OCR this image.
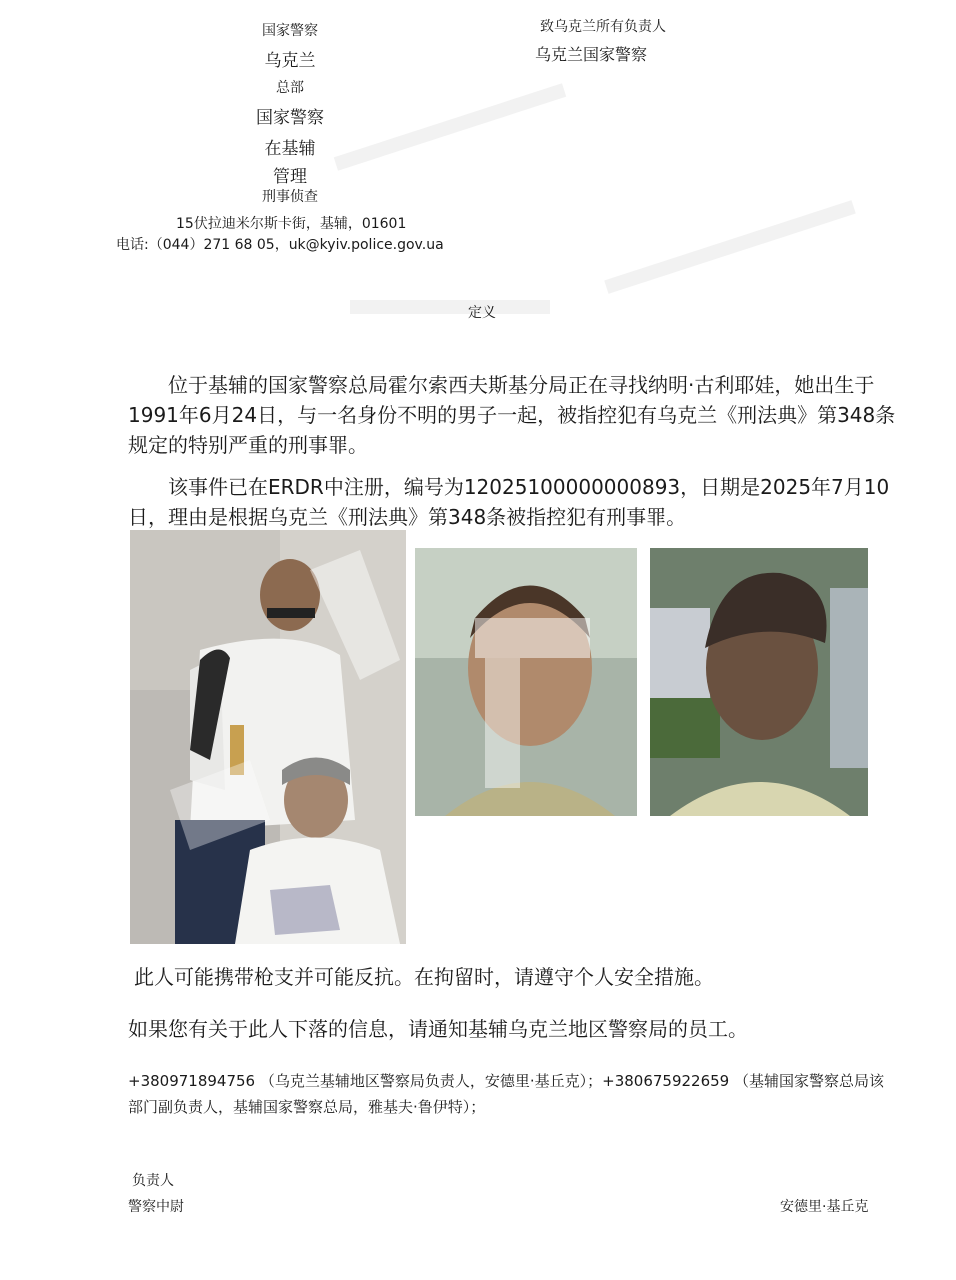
国家警察
乌克兰
总部
国家警察
在基辅
管理
刑事侦查
15伏拉迪米尔斯卡街，基辅，01601
电话:（044）271 68 05，uk@kyiv.police.gov.ua
致乌克兰所有负责人
乌克兰国家警察
定义
　　位于基辅的国家警察总局霍尔索西夫斯基分局正在寻找纳明·古利耶娃，她出生于1991年6月24日，与一名身份不明的男子一起，被指控犯有乌克兰《刑法典》第348条规定的特别严重的刑事罪。
　　该事件已在ERDR中注册，编号为12025100000000893，日期是2025年7月10日，理由是根据乌克兰《刑法典》第348条被指控犯有刑事罪。
此人可能携带枪支并可能反抗。在拘留时，请遵守个人安全措施。
如果您有关于此人下落的信息，请通知基辅乌克兰地区警察局的员工。
+380971894756 （乌克兰基辅地区警察局负责人，安德里·基丘克）；+380675922659 （基辅国家警察总局该部门副负责人，基辅国家警察总局，雅基夫·鲁伊特）；
负责人
警察中尉	安德里·基丘克
